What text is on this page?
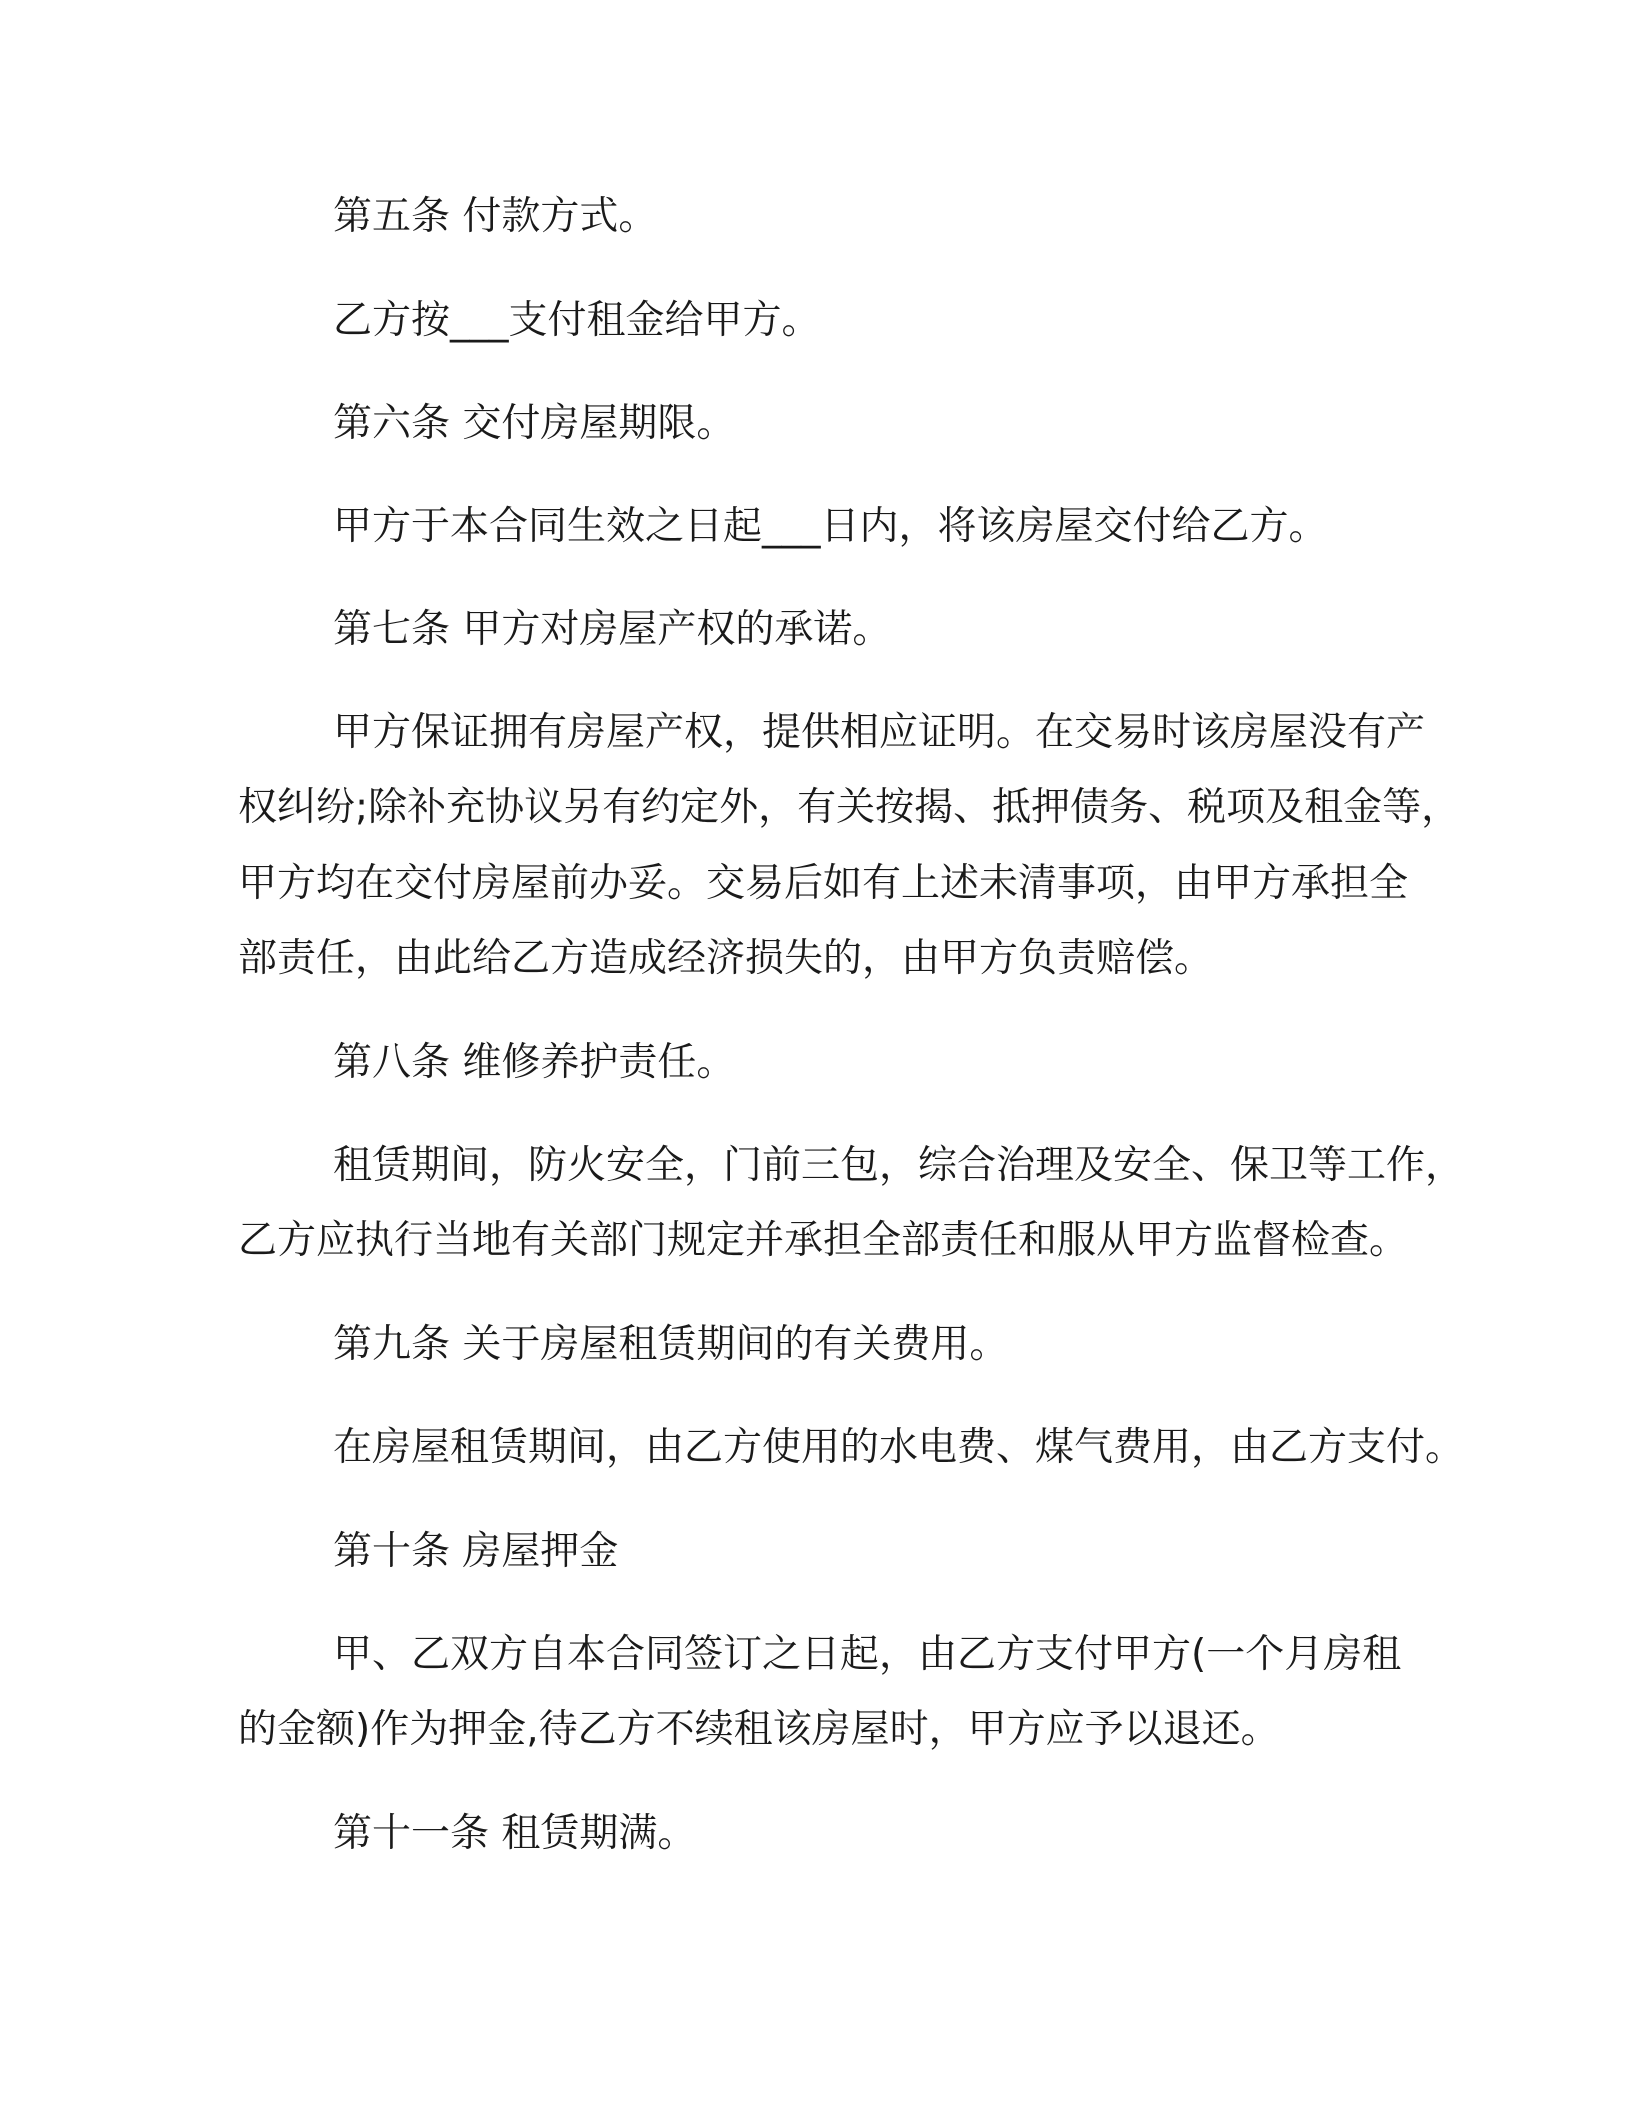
第五条 付款方式。
乙方按___支付租金给甲方。
第六条 交付房屋期限。
甲方于本合同生效之日起___日内，将该房屋交付给乙方。
第七条 甲方对房屋产权的承诺。
甲方保证拥有房屋产权，提供相应证明。在交易时该房屋没有产
权纠纷;除补充协议另有约定外，有关按揭、抵押债务、税项及租金等，
甲方均在交付房屋前办妥。交易后如有上述未清事项，由甲方承担全
部责任，由此给乙方造成经济损失的，由甲方负责赔偿。
第八条 维修养护责任。
租赁期间，防火安全，门前三包，综合治理及安全、保卫等工作，
乙方应执行当地有关部门规定并承担全部责任和服从甲方监督检查。
第九条 关于房屋租赁期间的有关费用。
在房屋租赁期间，由乙方使用的水电费、煤气费用，由乙方支付。
第十条 房屋押金
甲、乙双方自本合同签订之日起，由乙方支付甲方(一个月房租
的金额)作为押金,待乙方不续租该房屋时，甲方应予以退还。
第十一条 租赁期满。
